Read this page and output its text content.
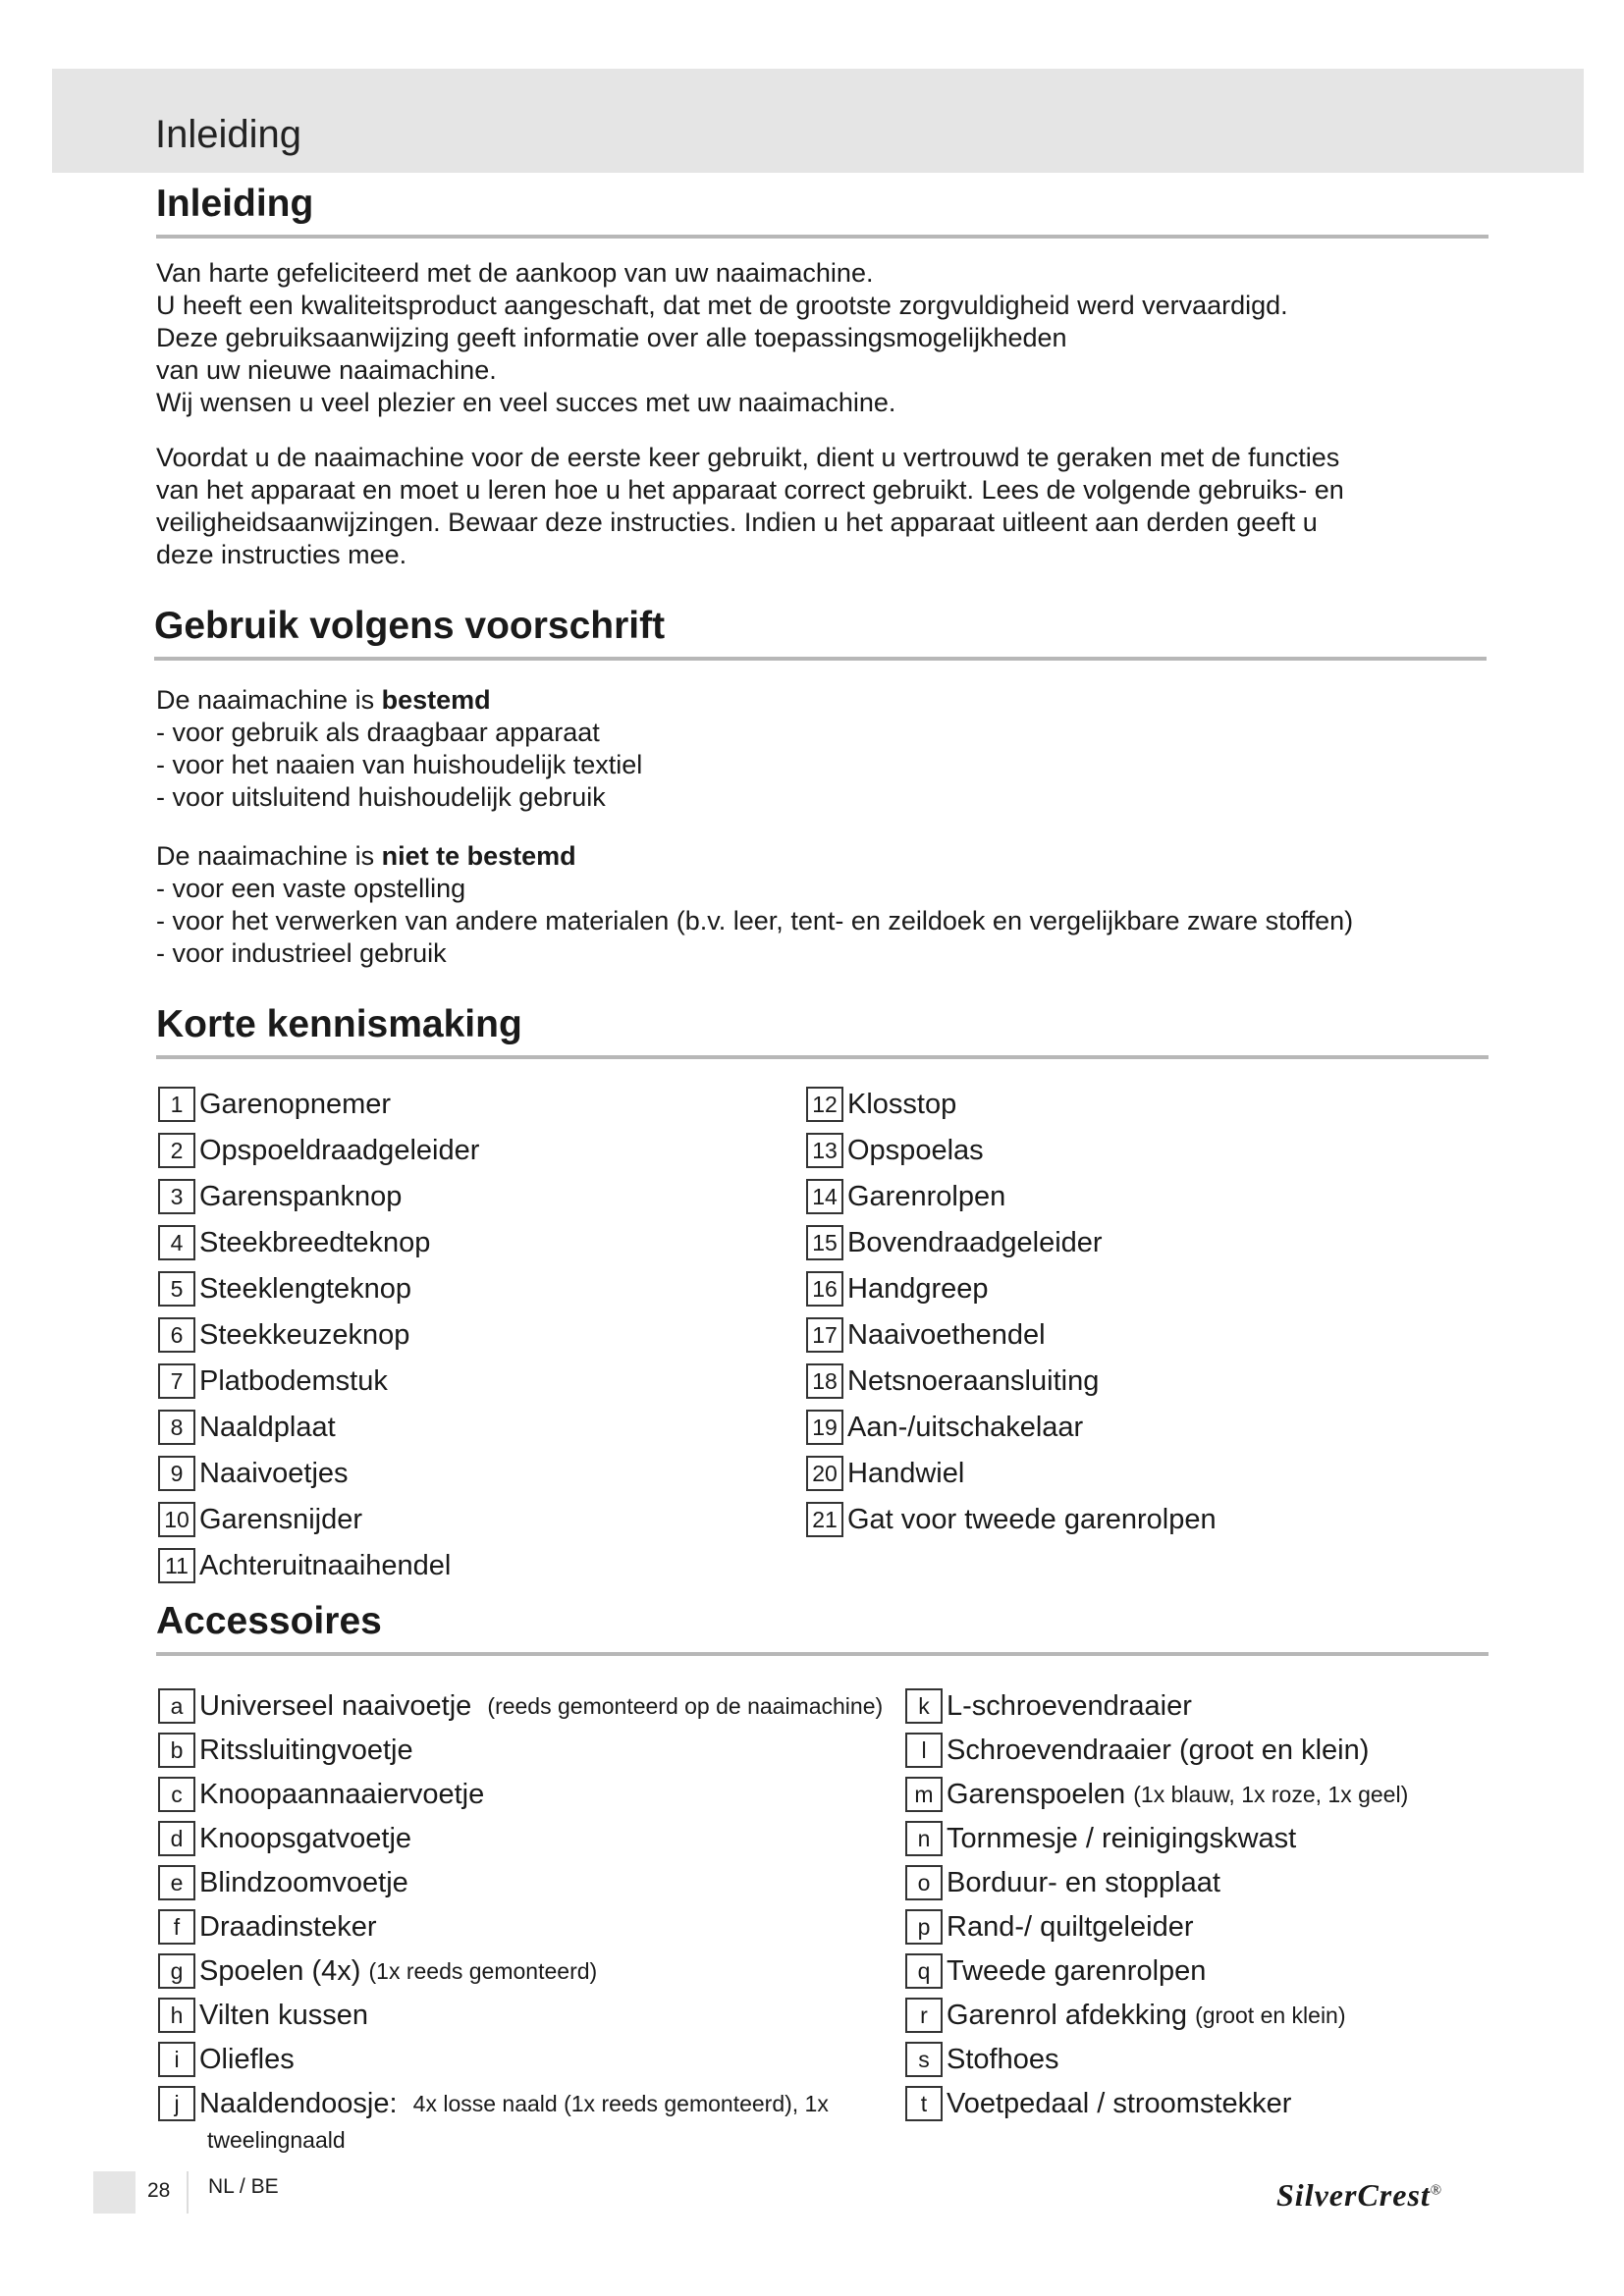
Inleiding
Inleiding
Van harte gefeliciteerd met de aankoop van uw naaimachine.
U heeft een kwaliteitsproduct aangeschaft, dat met de grootste zorgvuldigheid werd vervaardigd.
Deze gebruiksaanwijzing geeft informatie over alle toepassingsmogelijkheden
van uw nieuwe naaimachine.
Wij wensen u veel plezier en veel succes met uw naaimachine.
Voordat u de naaimachine voor de eerste keer gebruikt, dient u vertrouwd te geraken met de functies
van het apparaat en moet u leren hoe u het apparaat correct gebruikt. Lees de volgende gebruiks- en
veiligheidsaanwijzingen. Bewaar deze instructies. Indien u het apparaat uitleent aan derden geeft u
deze instructies mee.
Gebruik volgens voorschrift
De naaimachine is bestemd
- voor gebruik als draagbaar apparaat
- voor het naaien van huishoudelijk textiel
- voor uitsluitend huishoudelijk gebruik
De naaimachine is niet te bestemd
- voor een vaste opstelling
- voor het verwerken van andere materialen (b.v. leer, tent- en zeildoek en vergelijkbare zware stoffen)
- voor industrieel gebruik
Korte kennismaking
1 Garenopnemer
2 Opspoeldraadgeleider
3 Garenspanknop
4 Steekbreedteknop
5 Steeklengteknop
6 Steekkeuzeknop
7 Platbodemstuk
8 Naaldplaat
9 Naaivoetjes
10 Garensnijder
11 Achteruitnaaihendel
12 Klosstop
13 Opspoelas
14 Garenrolpen
15 Bovendraadgeleider
16 Handgreep
17 Naaivoethendel
18 Netsnoeraansluiting
19 Aan-/uitschakelaar
20 Handwiel
21 Gat voor tweede garenrolpen
Accessoires
a Universeel naaivoetje
(reeds gemonteerd op de naaimachine)
b Ritssluitingvoetje
c Knoopaannaaiervoetje
d Knoopsgatvoetje
e Blindzoomvoetje
f Draadinsteker
g Spoelen (4x)
(1x reeds gemonteerd)
h Vilten kussen
i Oliefles
j Naaldendoosje:
4x losse naald (1x reeds gemonteerd), 1x
tweelingnaald
k L-schroevendraaier
l Schroevendraaier (groot en klein)
m Garenspoelen
(1x blauw, 1x roze, 1x geel)
n Tornmesje / reinigingskwast
o Borduur- en stopplaat
p Rand-/ quiltgeleider
q Tweede garenrolpen
r Garenrol afdekking
(groot en klein)
s Stofhoes
t Voetpedaal / stroomstekker
28 NL / BE	SilverCrest®
